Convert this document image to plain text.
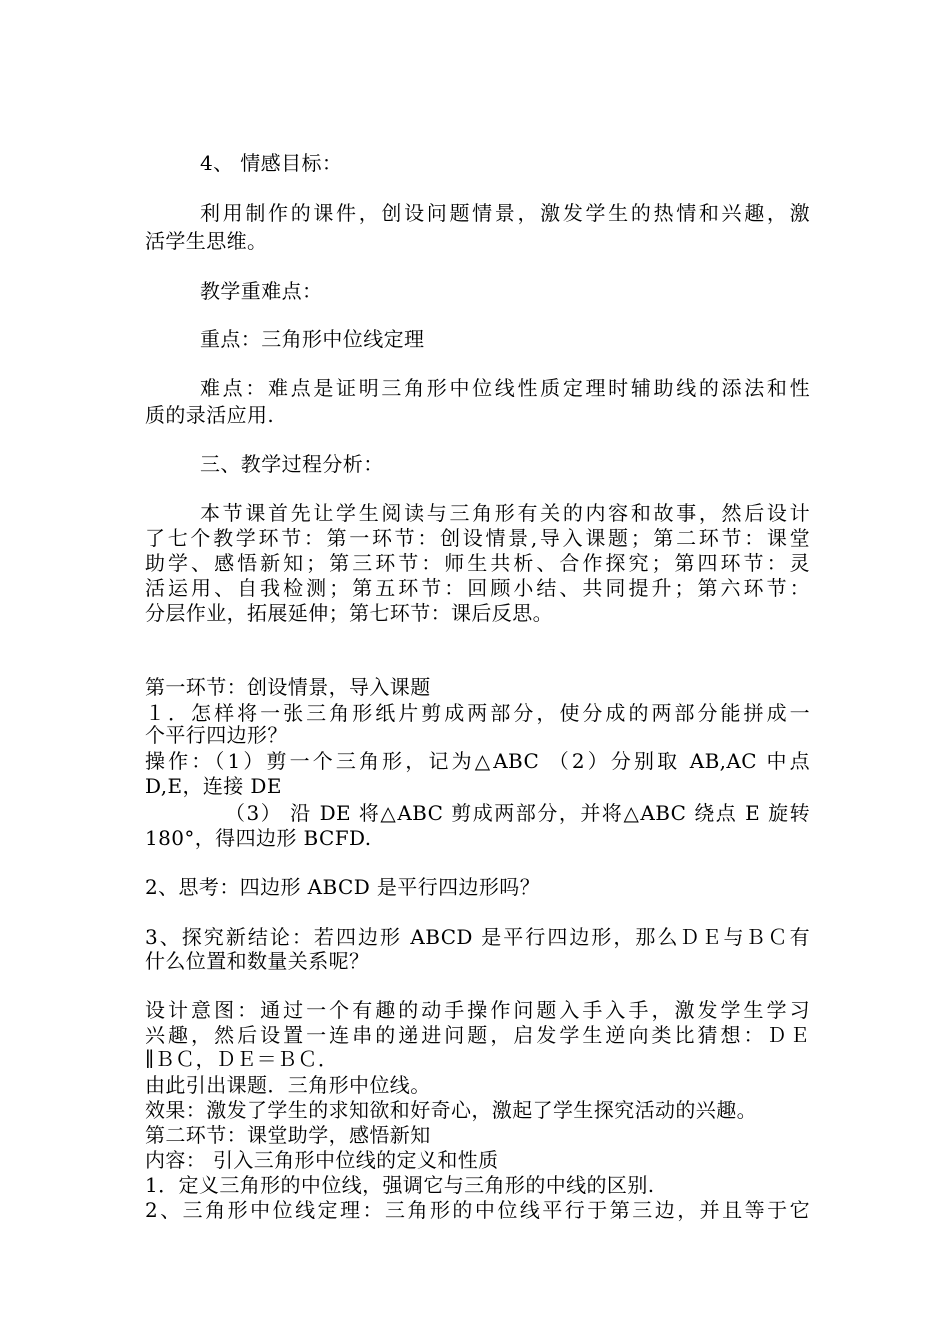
4、 情感目标：
利用制作的课件，创设问题情景，激发学生的热情和兴趣，激
活学生思维。
教学重难点：
重点：三角形中位线定理
难点：难点是证明三角形中位线性质定理时辅助线的添法和性
质的录活应用.
三、教学过程分析：
本节课首先让学生阅读与三角形有关的内容和故事，然后设计
了七个教学环节：第一环节：创设情景,导入课题；第二环节：课堂
助学、感悟新知；第三环节：师生共析、合作探究；第四环节：灵
活运用、自我检测；第五环节：回顾小结、共同提升；第六环节：
分层作业，拓展延伸；第七环节：课后反思。
第一环节：创设情景，导入课题
１．怎样将一张三角形纸片剪成两部分，使分成的两部分能拼成一
个平行四边形？
操作：（1）剪一个三角形，记为△ABC （2）分别取 AB,AC 中点
D,E，连接 DE
（3） 沿 DE 将△ABC 剪成两部分，并将△ABC 绕点 E 旋转
180°，得四边形 BCFD.
2、思考：四边形 ABCD 是平行四边形吗？
3、探究新结论：若四边形 ABCD 是平行四边形，那么ＤＥ与ＢＣ有
什么位置和数量关系呢？
设计意图：通过一个有趣的动手操作问题入手入手，激发学生学习
兴趣，然后设置一连串的递进问题，启发学生逆向类比猜想：ＤＥ
∥ＢＣ，ＤＥ＝ＢＣ．
由此引出课题．三角形中位线。
效果：激发了学生的求知欲和好奇心，激起了学生探究活动的兴趣。
第二环节：课堂助学，感悟新知
内容： 引入三角形中位线的定义和性质
1．定义三角形的中位线，强调它与三角形的中线的区别.
2、三角形中位线定理：三角形的中位线平行于第三边，并且等于它
